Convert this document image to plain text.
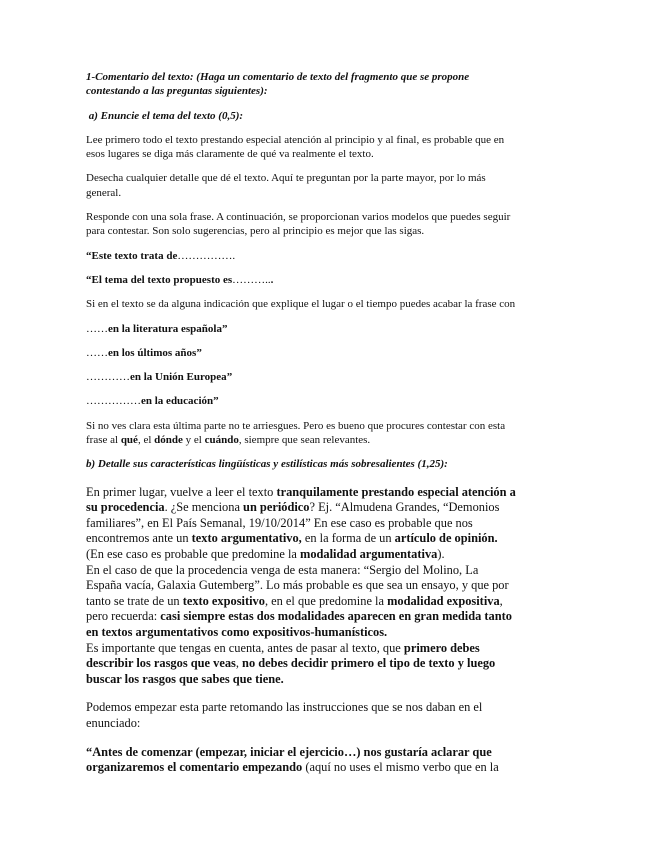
1-Comentario del texto: (Haga un comentario de texto del fragmento que se propone contestando a las preguntas siguientes):

a) Enuncie el tema del texto (0,5):

Lee primero todo el texto prestando especial atención al principio y al final, es probable que en esos lugares se diga más claramente de qué va realmente el texto.

Desecha cualquier detalle que dé el texto. Aquí te preguntan por la parte mayor, por lo más general.

Responde con una sola frase. A continuación, se proporcionan varios modelos que puedes seguir para contestar. Son solo sugerencias, pero al principio es mejor que las sigas.

“Este texto trata de…………….

“El tema del texto propuesto es………...

Si en el texto se da alguna indicación que explique el lugar o el tiempo puedes acabar la frase con

……en la literatura española”

……en los últimos años”

…………en la Unión Europea”

……………en la educación”

Si no ves clara esta última parte no te arriesgues. Pero es bueno que procures contestar con esta frase al qué, el dónde y el cuándo, siempre que sean relevantes.

b) Detalle sus características lingüísticas y estilísticas más sobresalientes (1,25):

En primer lugar, vuelve a leer el texto tranquilamente prestando especial atención a su procedencia. ¿Se menciona un periódico? Ej. “Almudena Grandes, “Demonios familiares”, en El País Semanal, 19/10/2014” En ese caso es probable que nos encontremos ante un texto argumentativo, en la forma de un artículo de opinión. (En ese caso es probable que predomine la modalidad argumentativa).

En el caso de que la procedencia venga de esta manera: “Sergio del Molino, La España vacía, Galaxia Gutemberg”. Lo más probable es que sea un ensayo, y que por tanto se trate de un texto expositivo, en el que predomine la modalidad expositiva, pero recuerda: casi siempre estas dos modalidades aparecen en gran medida tanto en textos argumentativos como expositivos-humanísticos.

Es importante que tengas en cuenta, antes de pasar al texto, que primero debes describir los rasgos que veas, no debes decidir primero el tipo de texto y luego buscar los rasgos que sabes que tiene.

Podemos empezar esta parte retomando las instrucciones que se nos daban en el enunciado:

“Antes de comenzar (empezar, iniciar el ejercicio…) nos gustaría aclarar que organizaremos el comentario empezando (aquí no uses el mismo verbo que en la
